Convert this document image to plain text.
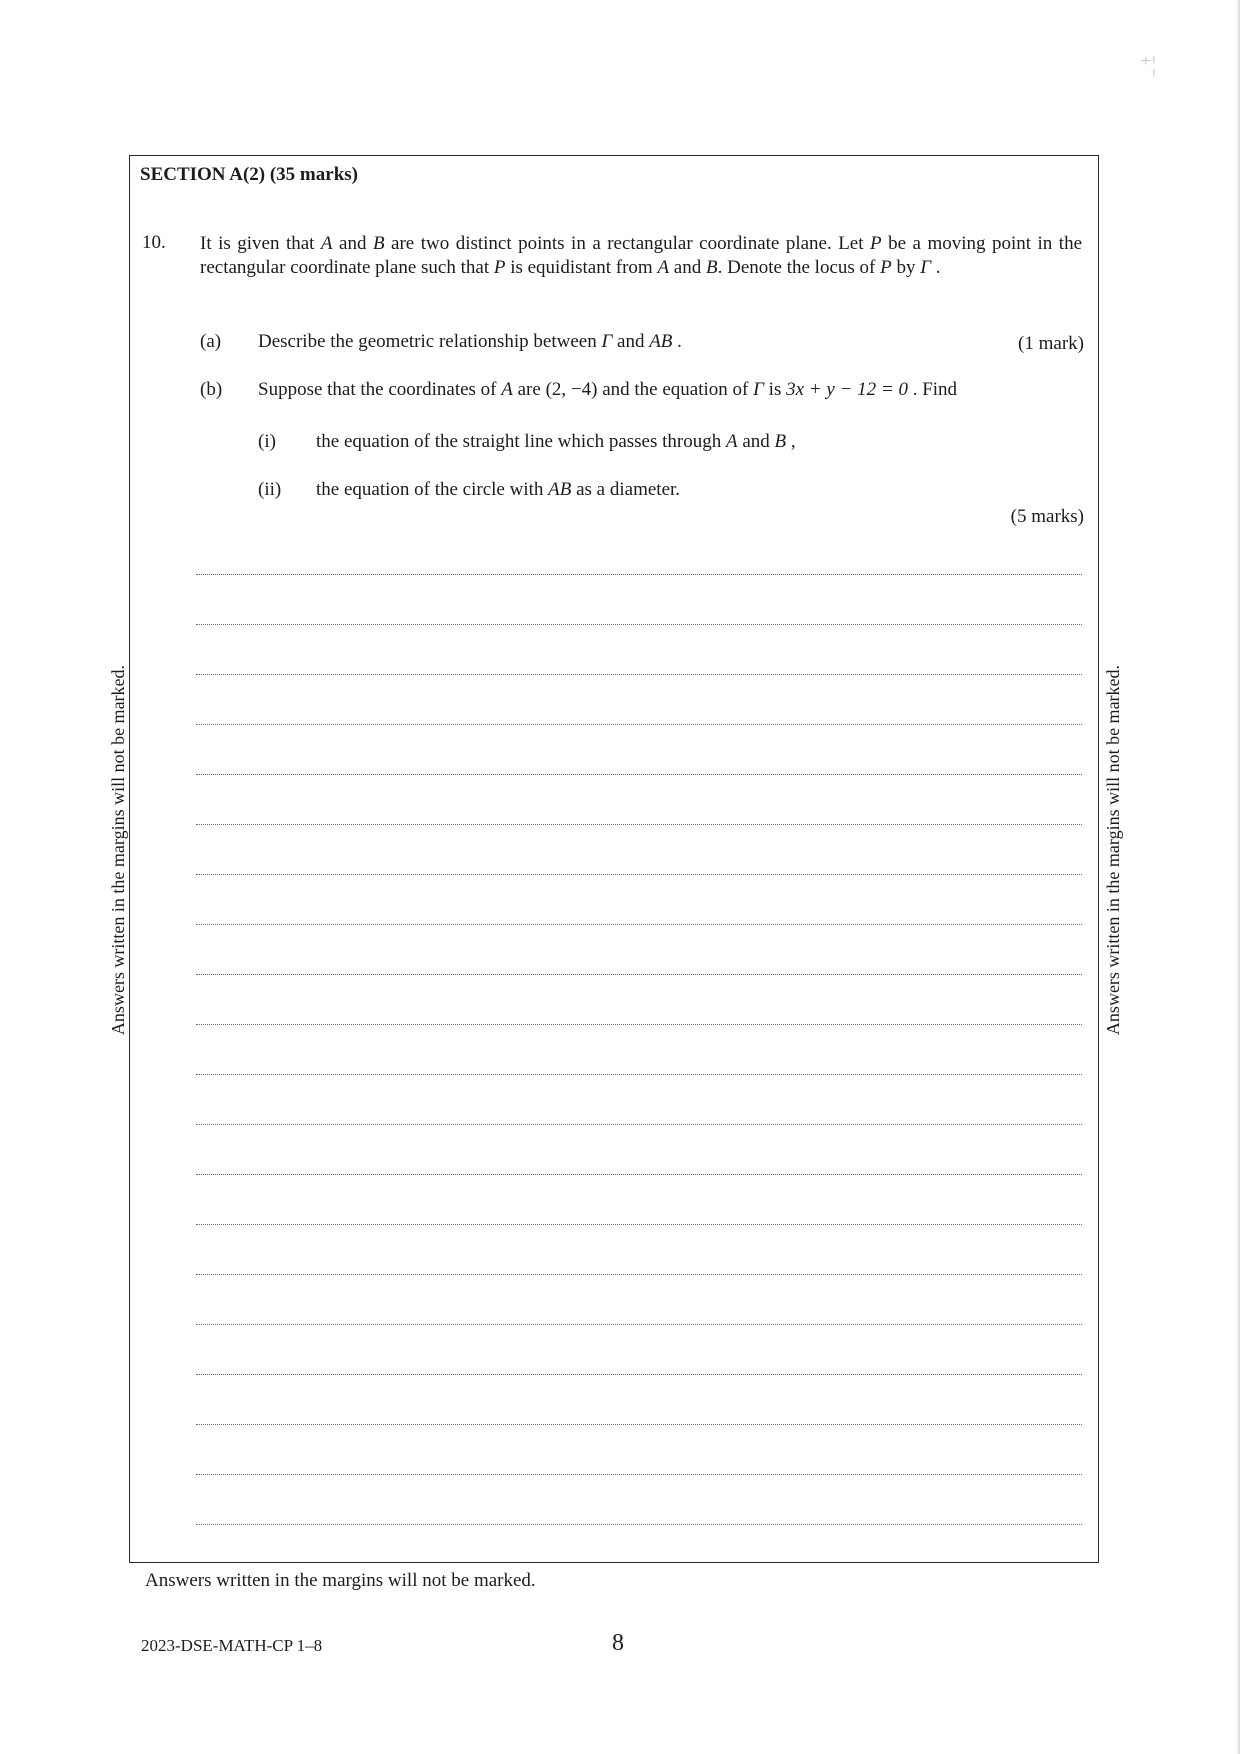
⁺¦
Answers written in the margins will not be marked.	Answers written in the margins will not be marked.
SECTION A(2) (35 marks)
10. It is given that A and B are two distinct points in a rectangular coordinate plane. Let P be a moving point in the rectangular coordinate plane such that P is equidistant from A and B. Denote the locus of P by Γ .
(a) Describe the geometric relationship between Γ and AB .	(1 mark)
(b) Suppose that the coordinates of A are (2, −4) and the equation of Γ is 3x + y − 12 = 0 . Find
(i) the equation of the straight line which passes through A and B ,
(ii) the equation of the circle with AB as a diameter.
(5 marks)
Answers written in the margins will not be marked.
2023-DSE-MATH-CP 1–8	8
